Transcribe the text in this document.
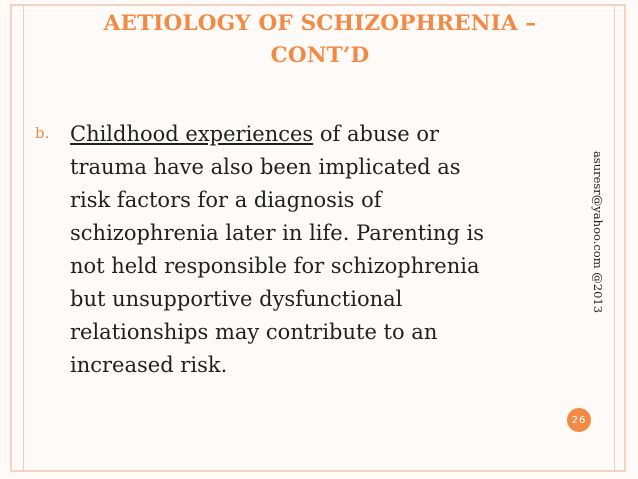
AETIOLOGY OF SCHIZOPHRENIA –
CONT’D
b. Childhood experiences of abuse or
trauma have also been implicated as
risk factors for a diagnosis of
schizophrenia later in life. Parenting is
not held responsible for schizophrenia
but unsupportive dysfunctional
relationships may contribute to an
increased risk.
asuresr@yahoo.com @2013
26
